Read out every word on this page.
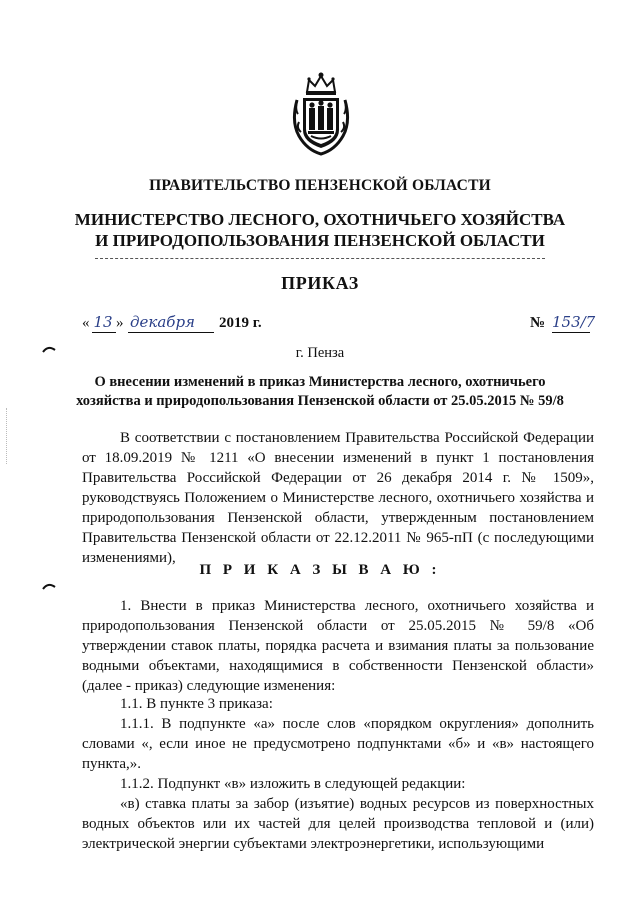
ПРАВИТЕЛЬСТВО ПЕНЗЕНСКОЙ ОБЛАСТИ
МИНИСТЕРСТВО ЛЕСНОГО, ОХОТНИЧЬЕГО ХОЗЯЙСТВА
И ПРИРОДОПОЛЬЗОВАНИЯ ПЕНЗЕНСКОЙ ОБЛАСТИ
ПРИКАЗ
« 13 » декабря	2019 г.	№ 153/7
г. Пенза
О внесении изменений в приказ Министерства лесного, охотничьего
хозяйства и природопользования Пензенской области от 25.05.2015 № 59/8
В соответствии с постановлением Правительства Российской Федерации от 18.09.2019 № 1211 «О внесении изменений в пункт 1 постановления Правительства Российской Федерации от 26 декабря 2014 г. № 1509», руководствуясь Положением о Министерстве лесного, охотничьего хозяйства и природопользования Пензенской области, утвержденным постановлением Правительства Пензенской области от 22.12.2011 № 965-пП (с последующими изменениями),
П Р И К А З Ы В А Ю :
1. Внести в приказ Министерства лесного, охотничьего хозяйства и природопользования Пензенской области от 25.05.2015 № 59/8 «Об утверждении ставок платы, порядка расчета и взимания платы за пользование водными объектами, находящимися в собственности Пензенской области» (далее - приказ) следующие изменения:
1.1. В пункте 3 приказа:
1.1.1. В подпункте «а» после слов «порядком округления» дополнить словами «, если иное не предусмотрено подпунктами «б» и «в» настоящего пункта,».
1.1.2. Подпункт «в» изложить в следующей редакции:
«в) ставка платы за забор (изъятие) водных ресурсов из поверхностных водных объектов или их частей для целей производства тепловой и (или) электрической энергии субъектами электроэнергетики, использующими
